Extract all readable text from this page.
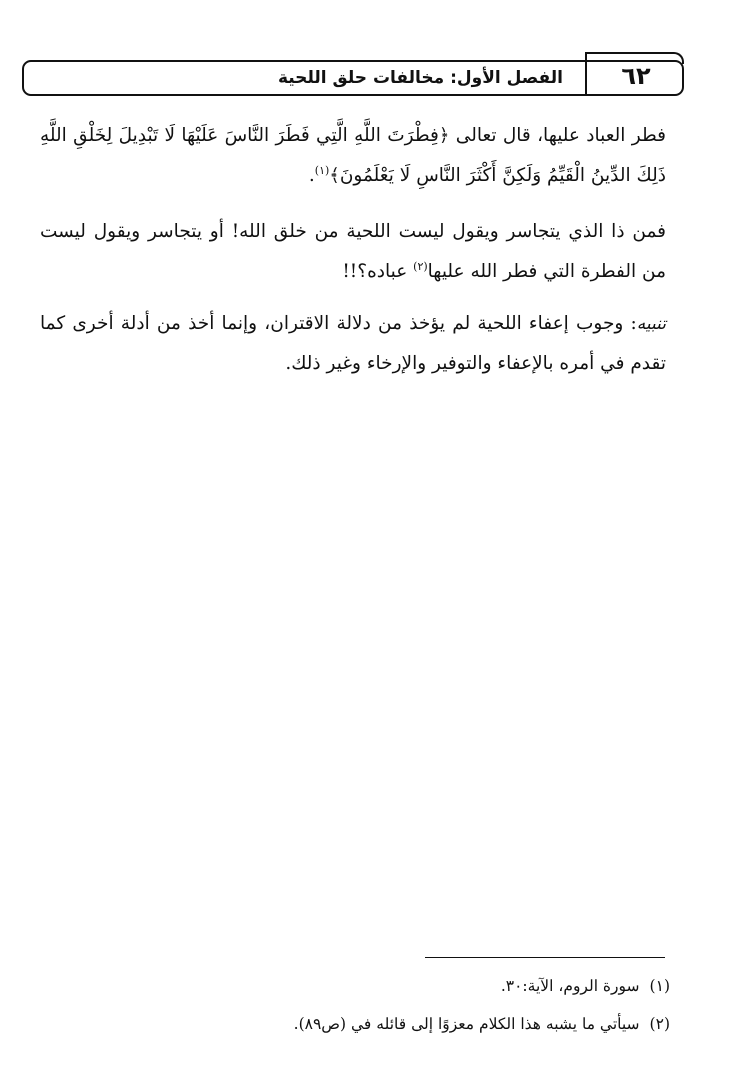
٦٢
الفصل الأول: مخالفات حلق اللحية
فطر العباد عليها، قال تعالى ﴿فِطْرَتَ اللَّهِ الَّتِي فَطَرَ النَّاسَ عَلَيْهَا لَا تَبْدِيلَ لِخَلْقِ اللَّهِ ذَلِكَ الدِّينُ الْقَيِّمُ وَلَكِنَّ أَكْثَرَ النَّاسِ لَا يَعْلَمُونَ﴾$^{(١)}$.
فمن ذا الذي يتجاسر ويقول ليست اللحية من خلق الله! أو يتجاسر ويقول ليست من الفطرة التي فطر الله عليها$^{(٢)}$ عباده؟!!
تنبيه: وجوب إعفاء اللحية لم يؤخذ من دلالة الاقتران، وإنما أخذ من أدلة أخرى كما تقدم في أمره بالإعفاء والتوفير والإرخاء وغير ذلك.
(١)سورة الروم، الآية:٣٠.
(٢)سيأتي ما يشبه هذا الكلام معزوًا إلى قائله في (ص٨٩).
